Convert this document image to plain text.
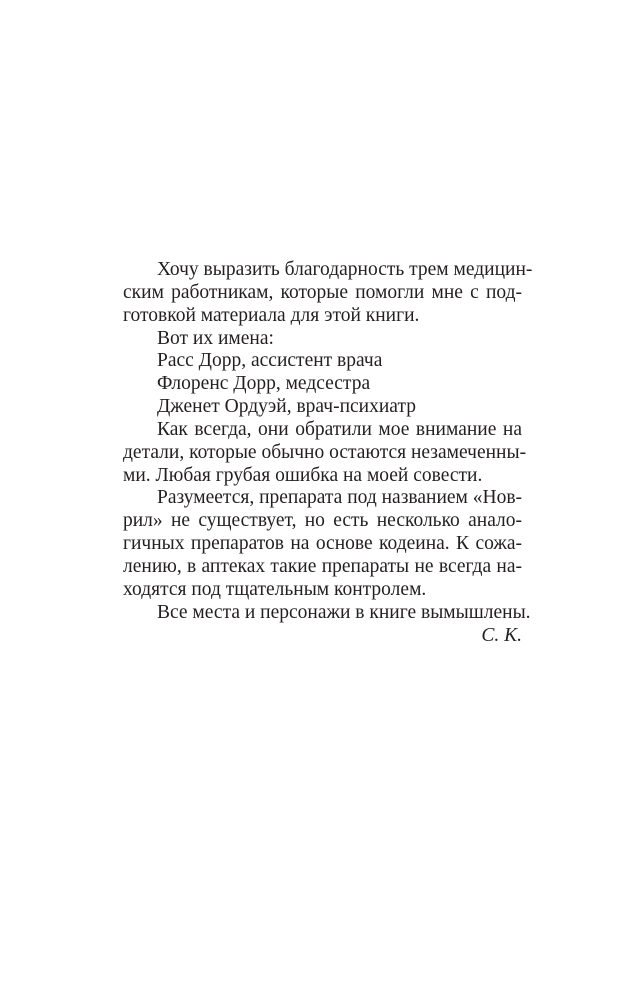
Хочу выразить благодарность трем медицин-
ским работникам, которые помогли мне с под-
готовкой материала для этой книги.
Вот их имена:
Расс Дорр, ассистент врача
Флоренс Дорр, медсестра
Дженет Ордуэй, врач-психиатр
Как всегда, они обратили мое внимание на
детали, которые обычно остаются незамеченны-
ми. Любая грубая ошибка на моей совести.
Разумеется, препарата под названием «Нов-
рил» не существует, но есть несколько анало-
гичных препаратов на основе кодеина. К сожа-
лению, в аптеках такие препараты не всегда на-
ходятся под тщательным контролем.
Все места и персонажи в книге вымышлены.
С. К.
